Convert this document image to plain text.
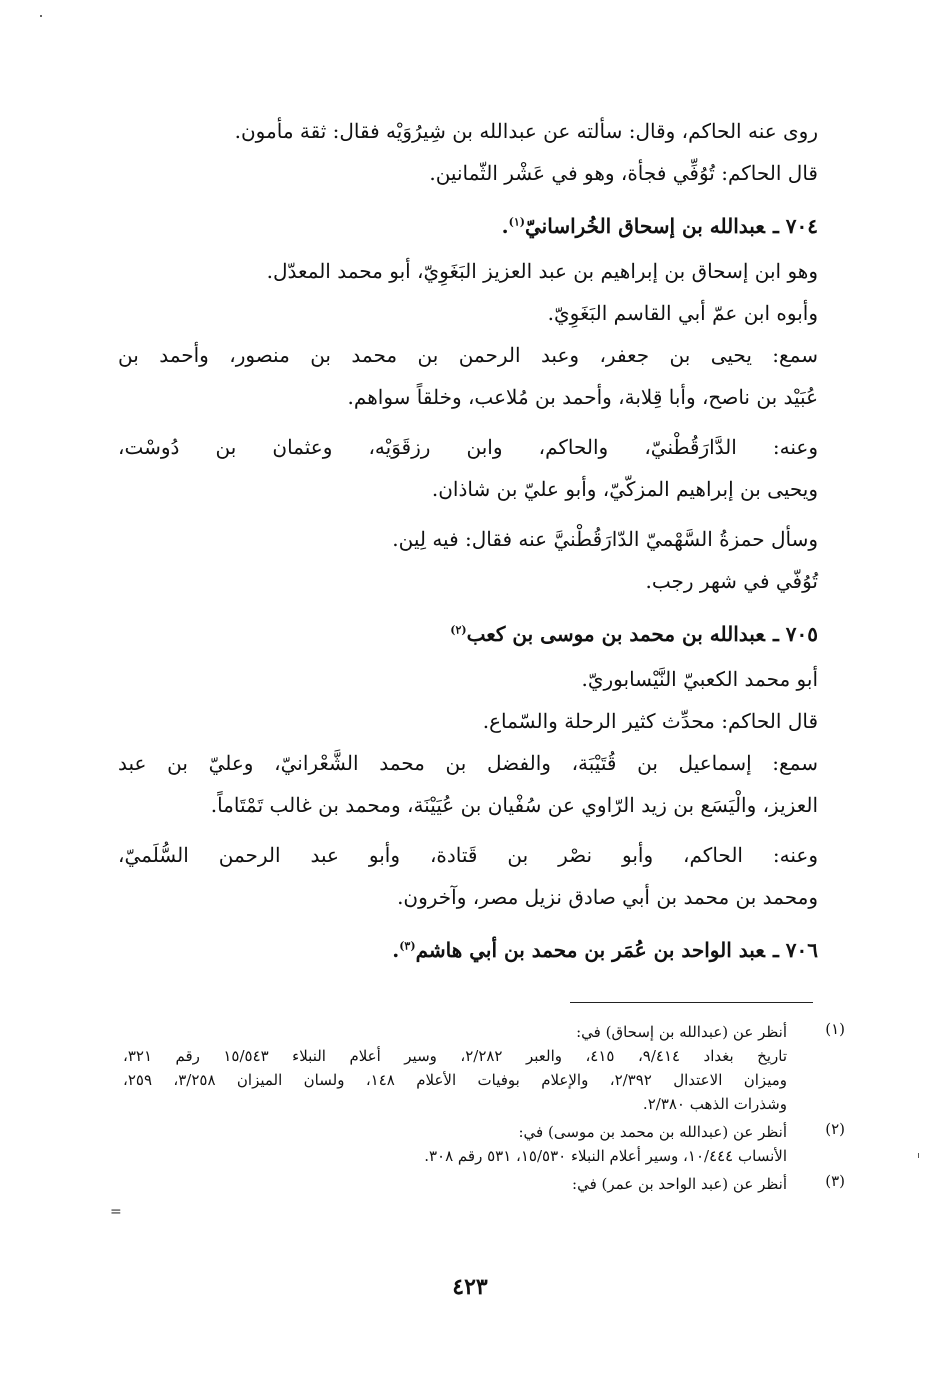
روى عنه الحاكم، وقال: سألته عن عبدالله بن شِيرُوَيْه فقال: ثقة مأمون.
قال الحاكم: تُوُفِّي فجأة، وهو في عَشْر الثّمانين.
٧٠٤ ـعبدالله بن إسحاق الخُراسانيّ$^{(١)}$.
وهو ابن إسحاق بن إبراهيم بن عبد العزيز البَغَوِيّ، أبو محمد المعدّل.
وأبوه ابن عمّ أبي القاسم البَغَوِيّ.
سمع: يحيى بن جعفر، وعبد الرحمن بن محمد بن منصور، وأحمد بن
عُبَيْد بن ناصح، وأبا قِلابة، وأحمد بن مُلاعب، وخلقاً سواهم.
وعنه: الدَّارَقُطْنيّ، والحاكم، وابن رزقَوَيْه، وعثمان بن دُوسْت،
ويحيى بن إبراهيم المزكّيّ، وأبو عليّ بن شاذان.
وسأل حمزةُ السَّهْميّ الدّارَقُطْنيَّ عنه فقال: فيه لِين.
تُوُفّي في شهر رجب.
٧٠٥ ـعبدالله بن محمد بن موسى بن كعب$^{(٢)}$
أبو محمد الكعبيّ النَّيْسابوريّ.
قال الحاكم: محدِّث كثير الرحلة والسّماع.
سمع: إسماعيل بن قُتَيْبَة، والفضل بن محمد الشَّعْرانيّ، وعليّ بن عبد
العزيز، والْيَسَع بن زيد الرّاوي عن سُفْيان بن عُيَيْنَة، ومحمد بن غالب تَمْتَاماً.
وعنه: الحاكم، وأبو نصْر بن قَتادة، وأبو عبد الرحمن السُّلَميّ،
ومحمد بن محمد بن أبي صادق نزيل مصر، وآخرون.
٧٠٦ ـعبد الواحد بن عُمَر بن محمد بن أبي هاشم$^{(٣)}$.
(١)
أنظر عن (عبدالله بن إسحاق) في:
تاريخ بغداد ٩/٤١٤، ٤١٥، والعبر ٢/٢٨٢، وسير أعلام النبلاء ١٥/٥٤٣ رقم ٣٢١،
وميزان الاعتدال ٢/٣٩٢، والإعلام بوفيات الأعلام ١٤٨، ولسان الميزان ٣/٢٥٨، ٢٥٩،
وشذرات الذهب ٢/٣٨٠.
(٢)
أنظر عن (عبدالله بن محمد بن موسى) في:
الأنساب ١٠/٤٤٤، وسير أعلام النبلاء ١٥/٥٣٠، ٥٣١ رقم ٣٠٨.
(٣)
أنظر عن (عبد الواحد بن عمر) في:
=
٤٢٣
